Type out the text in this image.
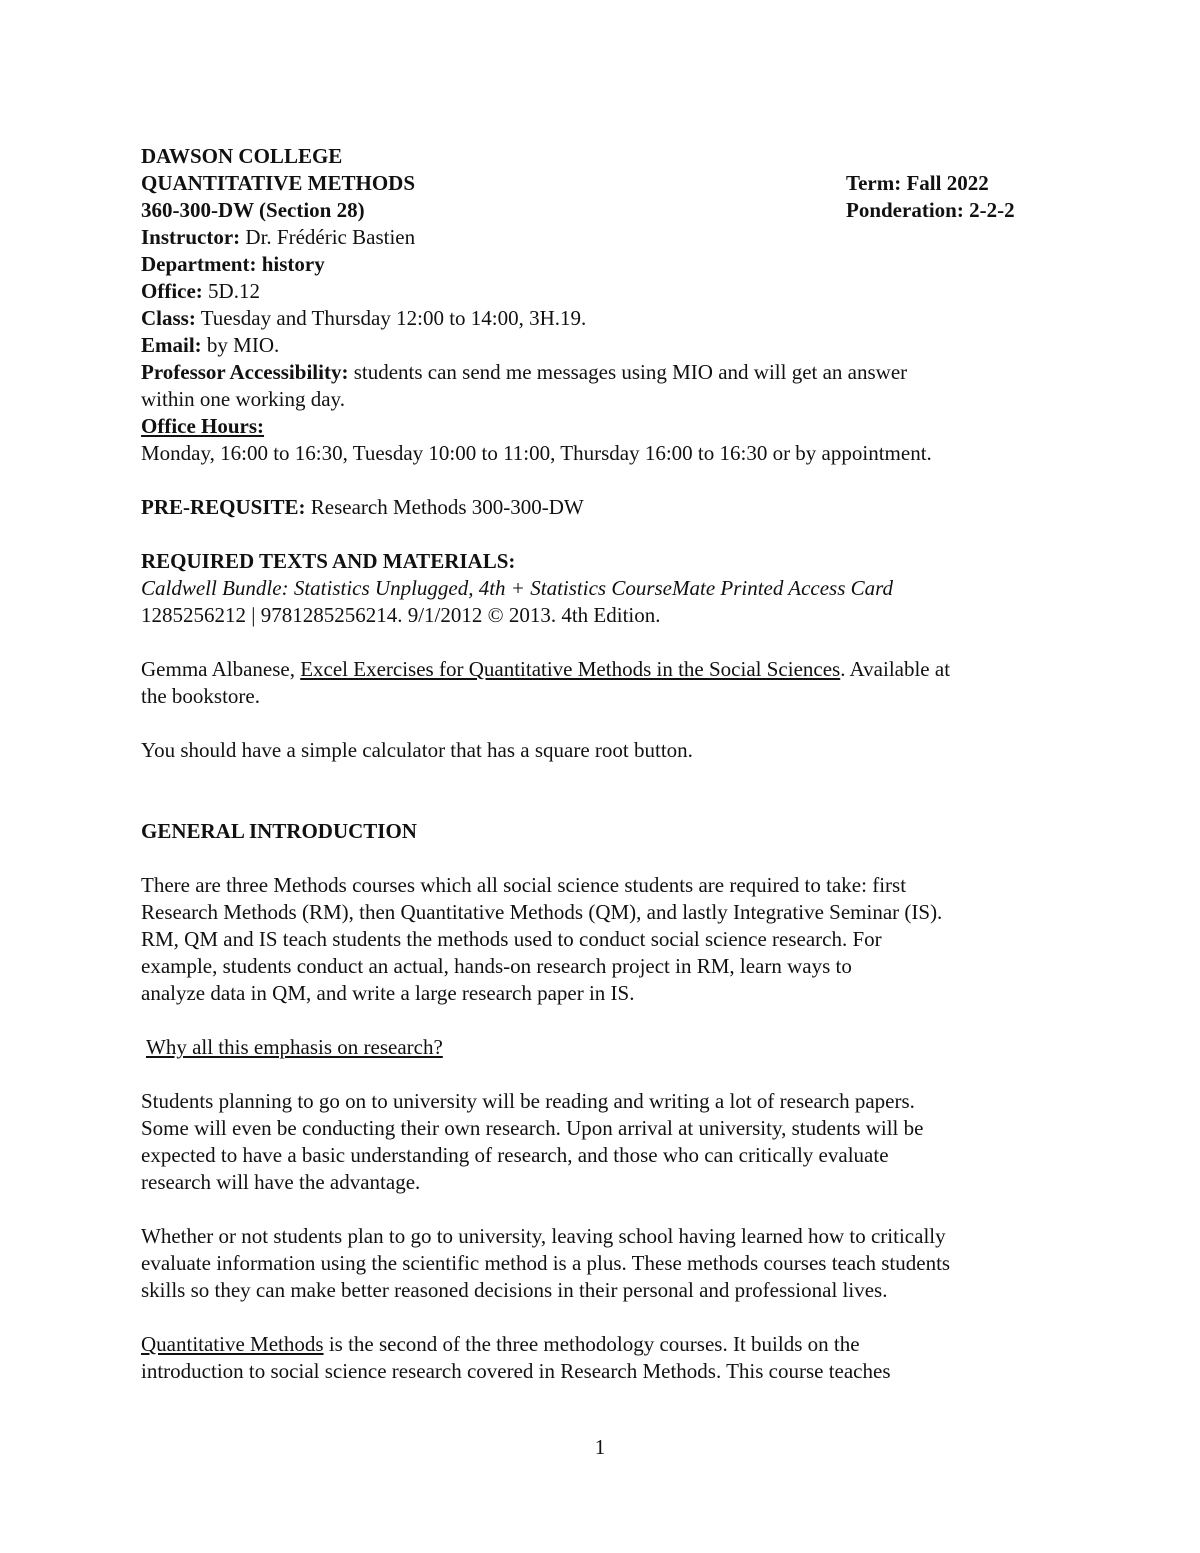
DAWSON COLLEGE
QUANTITATIVE METHODS	Term: Fall 2022
360-300-DW (Section 28)	Ponderation: 2-2-2
Instructor: Dr. Frédéric Bastien
Department: history
Office: 5D.12
Class: Tuesday and Thursday 12:00 to 14:00, 3H.19.
Email: by MIO.
Professor Accessibility: students can send me messages using MIO and will get an answer
within one working day.
Office Hours:
Monday, 16:00 to 16:30, Tuesday 10:00 to 11:00, Thursday 16:00 to 16:30 or by appointment.
PRE-REQUSITE: Research Methods 300-300-DW
REQUIRED TEXTS AND MATERIALS:
Caldwell Bundle: Statistics Unplugged, 4th + Statistics CourseMate Printed Access Card
1285256212 | 9781285256214. 9/1/2012 © 2013. 4th Edition.
Gemma Albanese, Excel Exercises for Quantitative Methods in the Social Sciences. Available at
the bookstore.
You should have a simple calculator that has a square root button.
GENERAL INTRODUCTION
There are three Methods courses which all social science students are required to take: first
Research Methods (RM), then Quantitative Methods (QM), and lastly Integrative Seminar (IS).
RM, QM and IS teach students the methods used to conduct social science research. For
example, students conduct an actual, hands-on research project in RM, learn ways to
analyze data in QM, and write a large research paper in IS.
Why all this emphasis on research?
Students planning to go on to university will be reading and writing a lot of research papers.
Some will even be conducting their own research. Upon arrival at university, students will be
expected to have a basic understanding of research, and those who can critically evaluate
research will have the advantage.
Whether or not students plan to go to university, leaving school having learned how to critically
evaluate information using the scientific method is a plus. These methods courses teach students
skills so they can make better reasoned decisions in their personal and professional lives.
Quantitative Methods is the second of the three methodology courses. It builds on the
introduction to social science research covered in Research Methods. This course teaches
1
